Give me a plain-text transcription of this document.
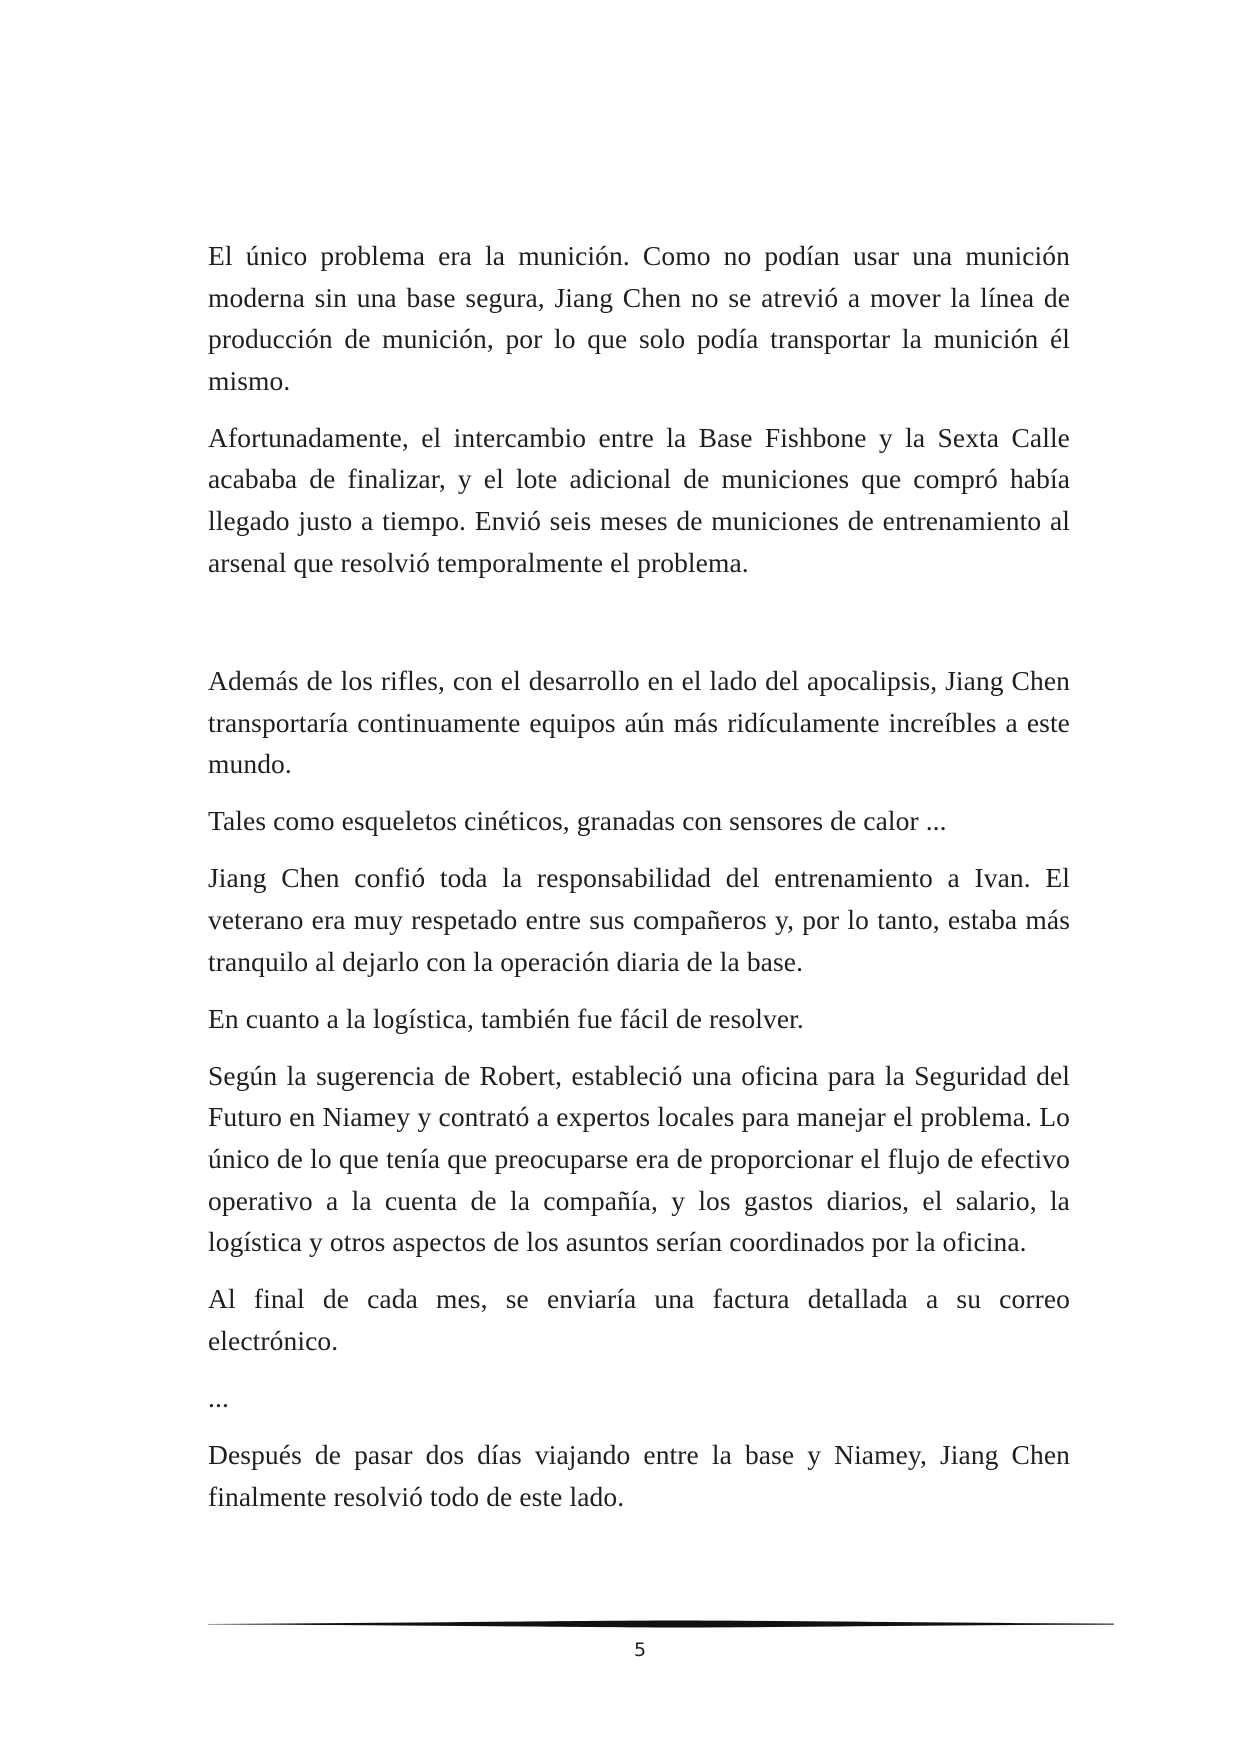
El único problema era la munición. Como no podían usar una munición moderna sin una base segura, Jiang Chen no se atrevió a mover la línea de producción de munición, por lo que solo podía transportar la munición él mismo.

Afortunadamente, el intercambio entre la Base Fishbone y la Sexta Calle acababa de finalizar, y el lote adicional de municiones que compró había llegado justo a tiempo. Envió seis meses de municiones de entrenamiento al arsenal que resolvió temporalmente el problema.

Además de los rifles, con el desarrollo en el lado del apocalipsis, Jiang Chen transportaría continuamente equipos aún más ridículamente increíbles a este mundo.

Tales como esqueletos cinéticos, granadas con sensores de calor ...

Jiang Chen confió toda la responsabilidad del entrenamiento a Ivan. El veterano era muy respetado entre sus compañeros y, por lo tanto, estaba más tranquilo al dejarlo con la operación diaria de la base.

En cuanto a la logística, también fue fácil de resolver.

Según la sugerencia de Robert, estableció una oficina para la Seguridad del Futuro en Niamey y contrató a expertos locales para manejar el problema. Lo único de lo que tenía que preocuparse era de proporcionar el flujo de efectivo operativo a la cuenta de la compañía, y los gastos diarios, el salario, la logística y otros aspectos de los asuntos serían coordinados por la oficina.

Al final de cada mes, se enviaría una factura detallada a su correo electrónico.

...

Después de pasar dos días viajando entre la base y Niamey, Jiang Chen finalmente resolvió todo de este lado.

5
